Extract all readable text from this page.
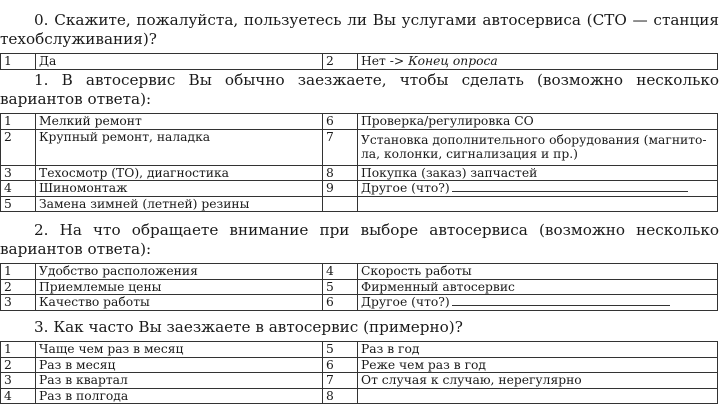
0. Скажите, пожалуйста, пользуетесь ли Вы услугами автосервиса (СТО — станция техобслуживания)?
1	Да	2	Нет -> Конец опроса
1. В автосервис Вы обычно заезжаете, чтобы сделать (возможно несколько вариантов ответа):
1	Мелкий ремонт	6	Проверка/регулировка СО
2	Крупный ремонт, наладка	7	Установка дополнительного оборудования (магнито-ла, колонки, сигнализация и пр.)
3	Техосмотр (ТО), диагностика	8	Покупка (заказ) запчастей
4	Шиномонтаж	9	Другое (что?)
5	Замена зимней (летней) резины		
2. На что обращаете внимание при выборе автосервиса (возможно несколько вариантов ответа):
1	Удобство расположения	4	Скорость работы
2	Приемлемые цены	5	Фирменный автосервис
3	Качество работы	6	Другое (что?)
3. Как часто Вы заезжаете в автосервис (примерно)?
1	Чаще чем раз в месяц	5	Раз в год
2	Раз в месяц	6	Реже чем раз в год
3	Раз в квартал	7	От случая к случаю, нерегулярно
4	Раз в полгода	8	
